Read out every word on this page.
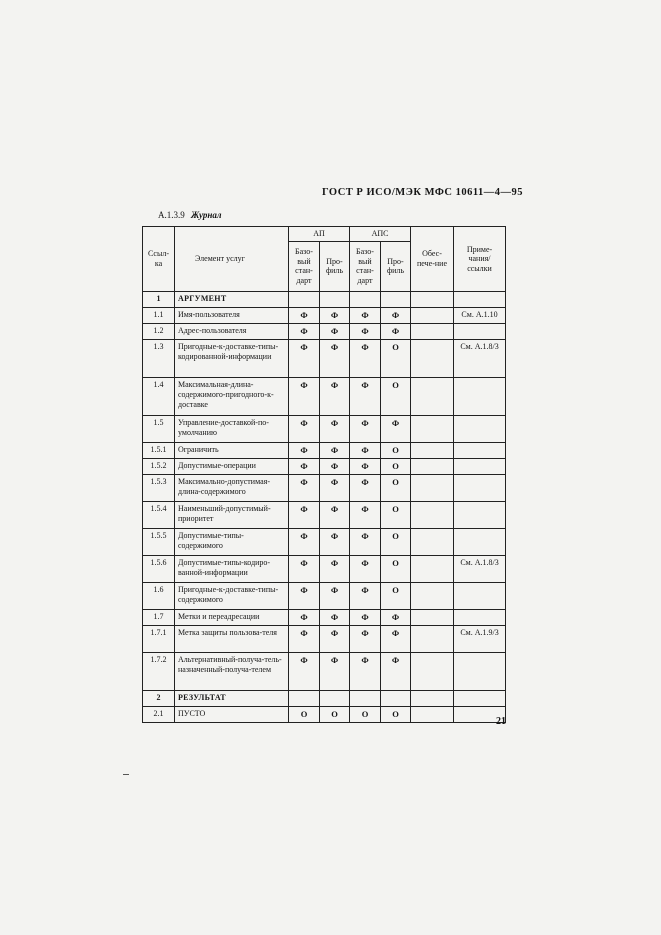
ГОСТ Р ИСО/МЭК МФС 10611—4—95
А.1.3.9 Журнал
Ссыл-ка	Элемент услуг	АП		АПС		Обес-пече-ние	Приме-чания/ ссылки
		Базо-вый стан-дарт	Про-филь	Базо-вый стан-дарт	Про-филь		
1	АРГУМЕНТ						
1.1	Имя-пользователя	Ф	Ф	Ф	Ф		См. А.1.10
1.2	Адрес-пользователя	Ф	Ф	Ф	Ф		
1.3	Пригодные-к-доставке-типы-кодированной-информации	Ф	Ф	Ф	О		См. А.1.8/3
1.4	Максимальная-длина-содержимого-пригодного-к-доставке	Ф	Ф	Ф	О		
1.5	Управление-доставкой-по-умолчанию	Ф	Ф	Ф	Ф		
1.5.1	Ограничить	Ф	Ф	Ф	О		
1.5.2	Допустимые-операции	Ф	Ф	Ф	О		
1.5.3	Максимальнo-допустимая-длина-содержимого	Ф	Ф	Ф	О		
1.5.4	Наименьший-допустимый-приоритет	Ф	Ф	Ф	О		
1.5.5	Допустимые-типы-содержимого	Ф	Ф	Ф	О		
1.5.6	Допустимые-типы-кодиро-ванной-информации	Ф	Ф	Ф	О		См. А.1.8/3
1.6	Пригодные-к-доставке-типы-содержимого	Ф	Ф	Ф	О		
1.7	Метки и переадресации	Ф	Ф	Ф	Ф		
1.7.1	Метка защиты пользова-теля	Ф	Ф	Ф	Ф		См. А.1.9/3
1.7.2	Альтернативный-получа-тель-назначенный-получа-телем	Ф	Ф	Ф	Ф		
2	РЕЗУЛЬТАТ						
2.1	ПУСТО	О	О	О	О		
21
